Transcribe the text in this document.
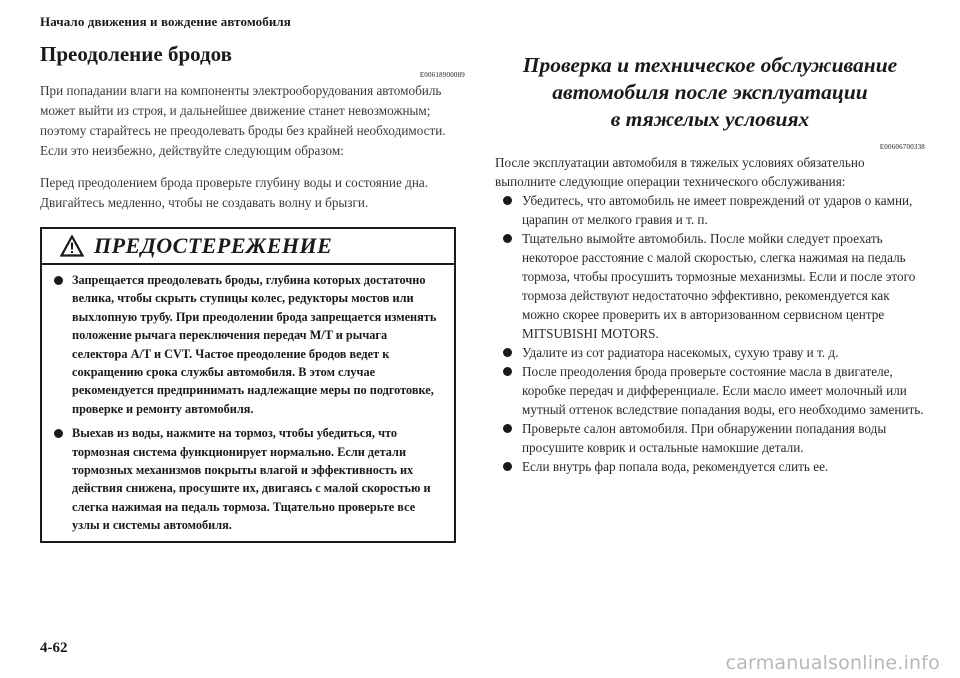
Начало движения и вождение автомобиля

Преодоление бродов
E00618900089

При попадании влаги на компоненты электрооборудования автомобиль может выйти из строя, и дальнейшее движение станет невозможным; поэтому старайтесь не преодолевать броды без крайней необходимости. Если это неизбежно, действуйте следующим образом:

Перед преодолением брода проверьте глубину воды и состояние дна. Двигайтесь медленно, чтобы не создавать волну и брызги.

ПРЕДОСТЕРЕЖЕНИЕ
Запрещается преодолевать броды, глубина которых достаточно велика, чтобы скрыть ступицы колес, редукторы мостов или выхлопную трубу. При преодолении брода запрещается изменять положение рычага переключения передач M/T и рычага селектора A/T и CVT. Частое преодоление бродов ведет к сокращению срока службы автомобиля. В этом случае рекомендуется предпринимать надлежащие меры по подготовке, проверке и ремонту автомобиля.
Выехав из воды, нажмите на тормоз, чтобы убедиться, что тормозная система функционирует нормально. Если детали тормозных механизмов покрыты влагой и эффективность их действия снижена, просушите их, двигаясь с малой скоростью и слегка нажимая на педаль тормоза. Тщательно проверьте все узлы и системы автомобиля.
4-62

Проверка и техническое обслуживание

автомобиля после эксплуатации

в тяжелых условиях

E00606700338

После эксплуатации автомобиля в тяжелых условиях обязательно выполните следующие операции технического обслуживания:

Убедитесь, что автомобиль не имеет повреждений от ударов о камни, царапин от мелкого гравия и т. п.
Тщательно вымойте автомобиль. После мойки следует проехать некоторое расстояние с малой скоростью, слегка нажимая на педаль тормоза, чтобы просушить тормозные механизмы. Если и после этого тормоза действуют недостаточно эффективно, рекомендуется как можно скорее проверить их в авторизованном сервисном центре MITSUBISHI MOTORS.
Удалите из сот радиатора насекомых, сухую траву и т. д.
После преодоления брода проверьте состояние масла в двигателе, коробке передач и дифференциале. Если масло имеет молочный или мутный оттенок вследствие попадания воды, его необходимо заменить.
Проверьте салон автомобиля. При обнаружении попадания воды просушите коврик и остальные намокшие детали.
Если внутрь фар попала вода, рекомендуется слить ее.
carmanualsonline.info
